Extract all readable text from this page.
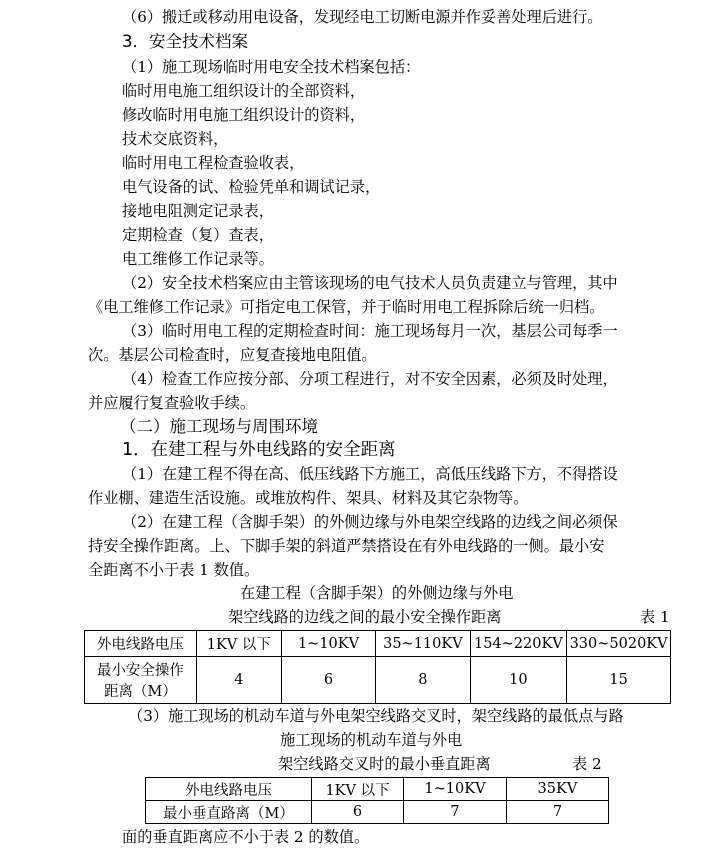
（6）搬迁或移动用电设备，发现经电工切断电源并作妥善处理后进行。
3．安全技术档案
（1）施工现场临时用电安全技术档案包括：
临时用电施工组织设计的全部资料，
修改临时用电施工组织设计的资料，
技术交底资料，
临时用电工程检查验收表，
电气设备的试、检验凭单和调试记录，
接地电阻测定记录表，
定期检查（复）查表，
电工维修工作记录等。
（2）安全技术档案应由主管该现场的电气技术人员负责建立与管理，其中
《电工维修工作记录》可指定电工保管，并于临时用电工程拆除后统一归档。
（3）临时用电工程的定期检查时间：施工现场每月一次，基层公司每季一
次。基层公司检查时，应复查接地电阻值。
（4）检查工作应按分部、分项工程进行，对不安全因素，必须及时处理，
并应履行复查验收手续。
（二）施工现场与周围环境
1．在建工程与外电线路的安全距离
（1）在建工程不得在高、低压线路下方施工，高低压线路下方，不得搭设
作业棚、建造生活设施。或堆放构件、架具、材料及其它杂物等。
（2）在建工程（含脚手架）的外侧边缘与外电架空线路的边线之间必须保
持安全操作距离。上、下脚手架的斜道严禁搭设在有外电线路的一侧。最小安
全距离不小于表 1 数值。
在建工程（含脚手架）的外侧边缘与外电
架空线路的边线之间的最小安全操作距离	表 1
外电线路电压	1KV 以下	1~10KV	35~110KV	154~220KV	330~5020KV

最小安全操作
距离（M）	4	6	8	10	15
（3）施工现场的机动车道与外电架空线路交叉时，架空线路的最低点与路
施工现场的机动车道与外电
架空线路交叉时的最小垂直距离	表 2
外电线路电压	1KV 以下	1~10KV	35KV
最小垂直路离（M）	6	7	7
面的垂直距离应不小于表 2 的数值。
